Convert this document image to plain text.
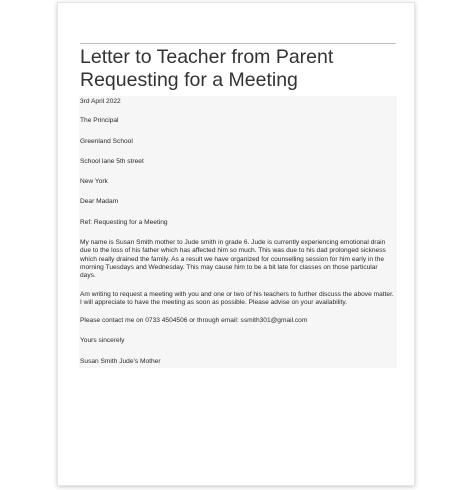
Letter to Teacher from Parent Requesting for a Meeting

3rd April 2022

The Principal

Greenland School

School lane 5th street

New York

Dear Madam

Ref: Requesting for a Meeting

My name is Susan Smith mother to Jude smith in grade 6. Jude is currently experiencing emotional drain due to the loss of his father which has affected him so much. This was due to his dad prolonged sickness which really drained the family. As a result we have organized for counselling session for him early in the morning Tuesdays and Wednesday. This may cause him to be a bit late for classes on those particular days.

Am writing to request a meeting with you and one or two of his teachers to further discuss the above matter. I will appreciate to have the meeting as soon as possible. Please advise on your availability.

Please contact me on 0733 4504506 or through email: ssmith301@gmail.com

Yours sincerely

Susan Smith Jude’s Mother
